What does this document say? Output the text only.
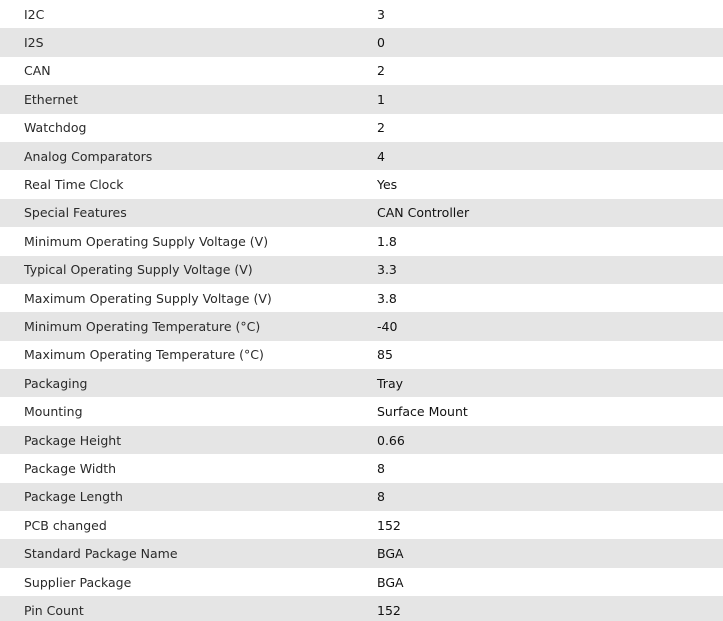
I2C	3
I2S	0
CAN	2
Ethernet	1
Watchdog	2
Analog Comparators	4
Real Time Clock	Yes
Special Features	CAN Controller
Minimum Operating Supply Voltage (V)	1.8
Typical Operating Supply Voltage (V)	3.3
Maximum Operating Supply Voltage (V)	3.8
Minimum Operating Temperature (°C)	-40
Maximum Operating Temperature (°C)	85
Packaging	Tray
Mounting	Surface Mount
Package Height	0.66
Package Width	8
Package Length	8
PCB changed	152
Standard Package Name	BGA
Supplier Package	BGA
Pin Count	152
